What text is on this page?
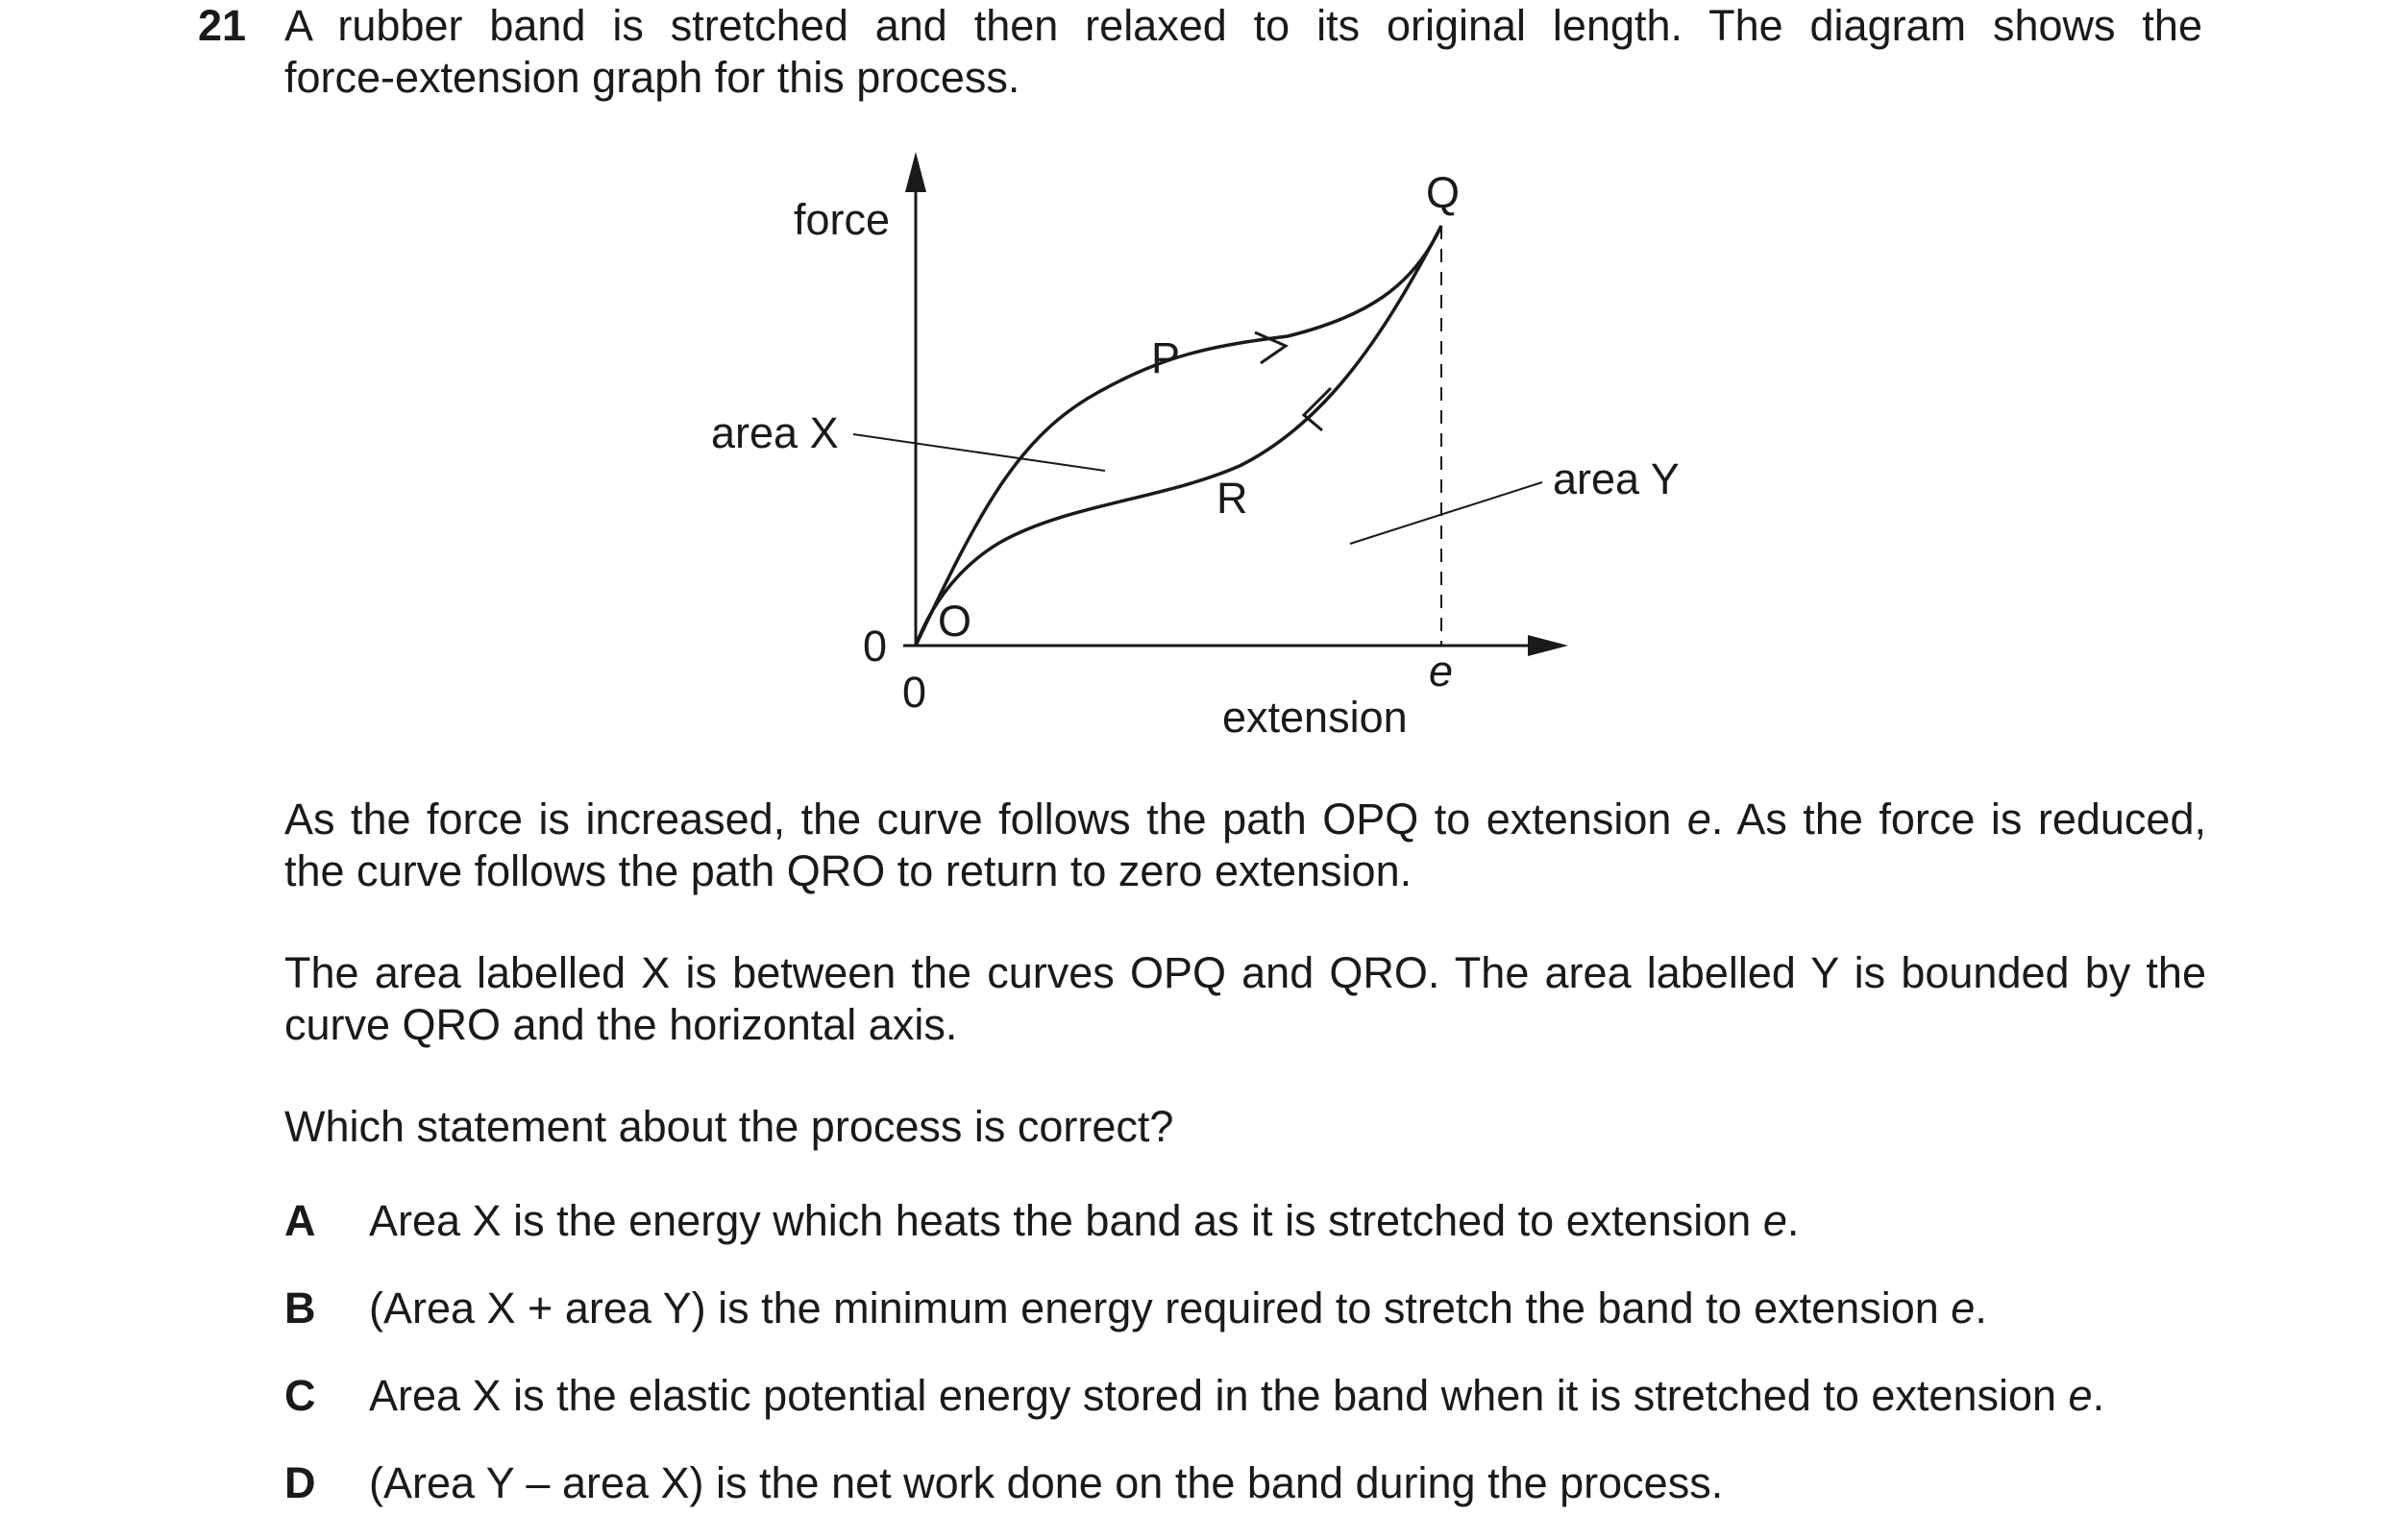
21 A rubber band is stretched and then relaxed to its original length. The diagram shows the
force-extension graph for this process.
force
extension
0
0
O
P
Q
R
e
area X
area Y

As the force is increased, the curve follows the path OPQ to extension e. As the force is reduced,
the curve follows the path QRO to return to zero extension.

The area labelled X is between the curves OPQ and QRO. The area labelled Y is bounded by the
curve QRO and the horizontal axis.

Which statement about the process is correct?

A Area X is the energy which heats the band as it is stretched to extension e.
B (Area X + area Y) is the minimum energy required to stretch the band to extension e.
C Area X is the elastic potential energy stored in the band when it is stretched to extension e.
D (Area Y – area X) is the net work done on the band during the process.
